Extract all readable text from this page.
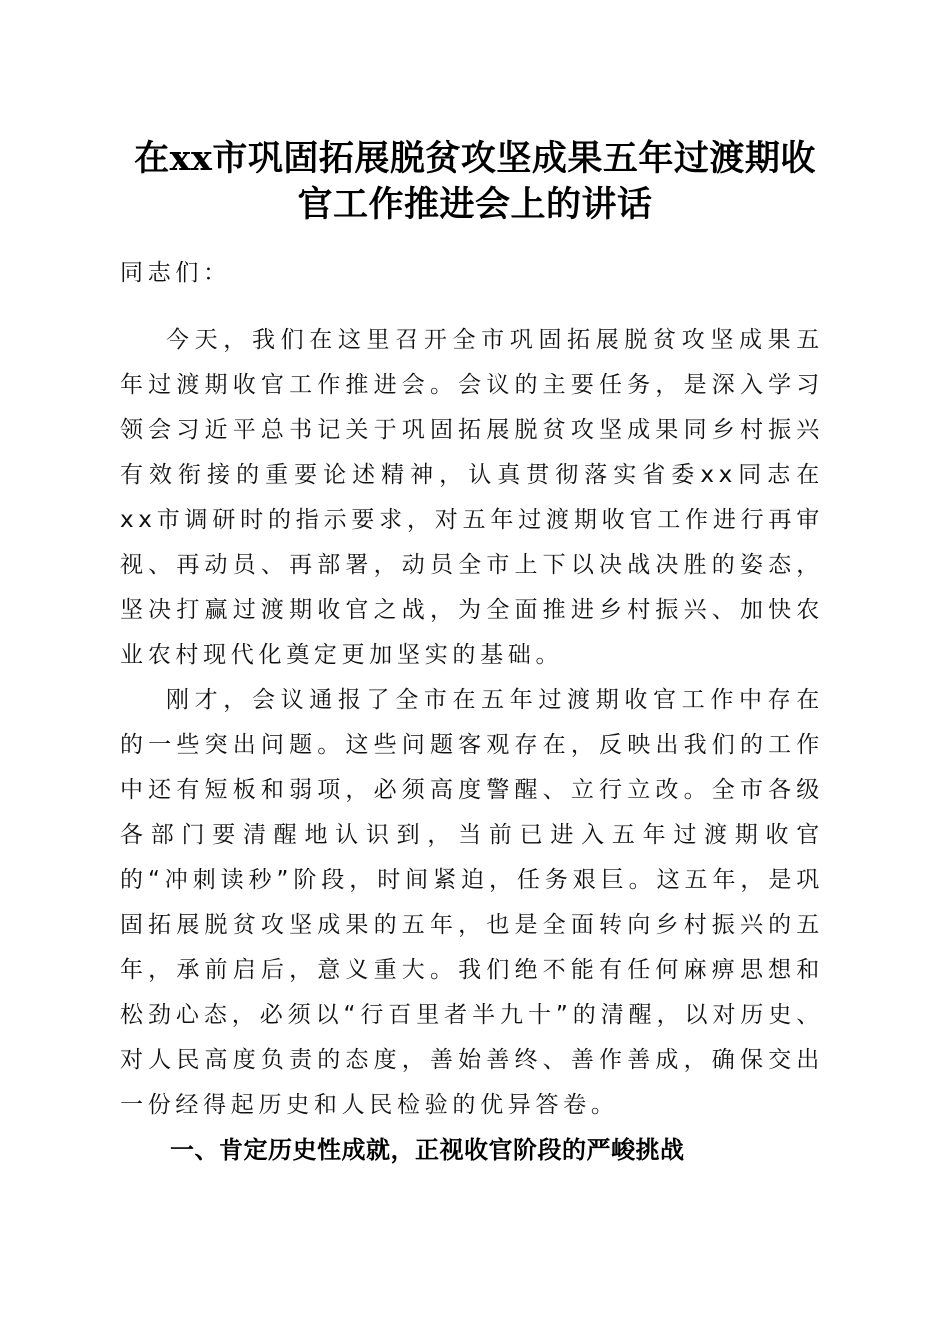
在xx市巩固拓展脱贫攻坚成果五年过渡期收
官工作推进会上的讲话

同志们：

今天，我们在这里召开全市巩固拓展脱贫攻坚成果五年过渡期收官工作推进会。会议的主要任务，是深入学习领会习近平总书记关于巩固拓展脱贫攻坚成果同乡村振兴有效衔接的重要论述精神，认真贯彻落实省委xx同志在xx市调研时的指示要求，对五年过渡期收官工作进行再审视、再动员、再部署，动员全市上下以决战决胜的姿态，坚决打赢过渡期收官之战，为全面推进乡村振兴、加快农业农村现代化奠定更加坚实的基础。

刚才，会议通报了全市在五年过渡期收官工作中存在的一些突出问题。这些问题客观存在，反映出我们的工作中还有短板和弱项，必须高度警醒、立行立改。全市各级各部门要清醒地认识到，当前已进入五年过渡期收官的“冲刺读秒”阶段，时间紧迫，任务艰巨。这五年，是巩固拓展脱贫攻坚成果的五年，也是全面转向乡村振兴的五年，承前启后，意义重大。我们绝不能有任何麻痹思想和松劲心态，必须以“行百里者半九十”的清醒，以对历史、对人民高度负责的态度，善始善终、善作善成，确保交出一份经得起历史和人民检验的优异答卷。

一、肯定历史性成就，正视收官阶段的严峻挑战
